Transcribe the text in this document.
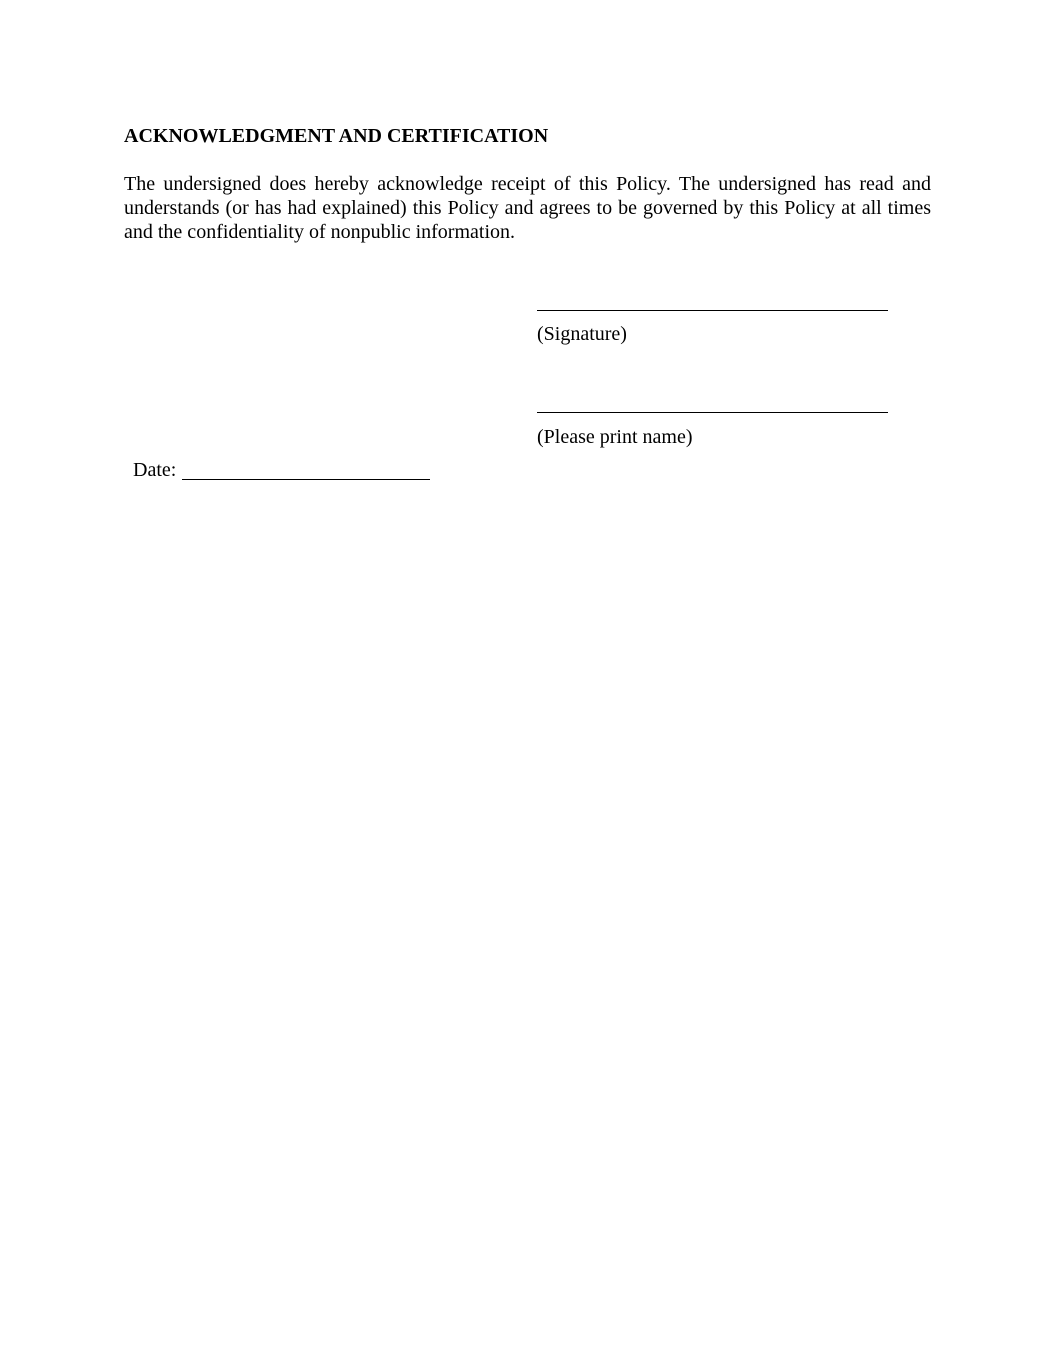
ACKNOWLEDGMENT AND CERTIFICATION

The undersigned does hereby acknowledge receipt of this Policy. The undersigned has read and understands (or has had explained) this Policy and agrees to be governed by this Policy at all times and the confidentiality of nonpublic information.

(Signature)
(Please print name)
Date:
